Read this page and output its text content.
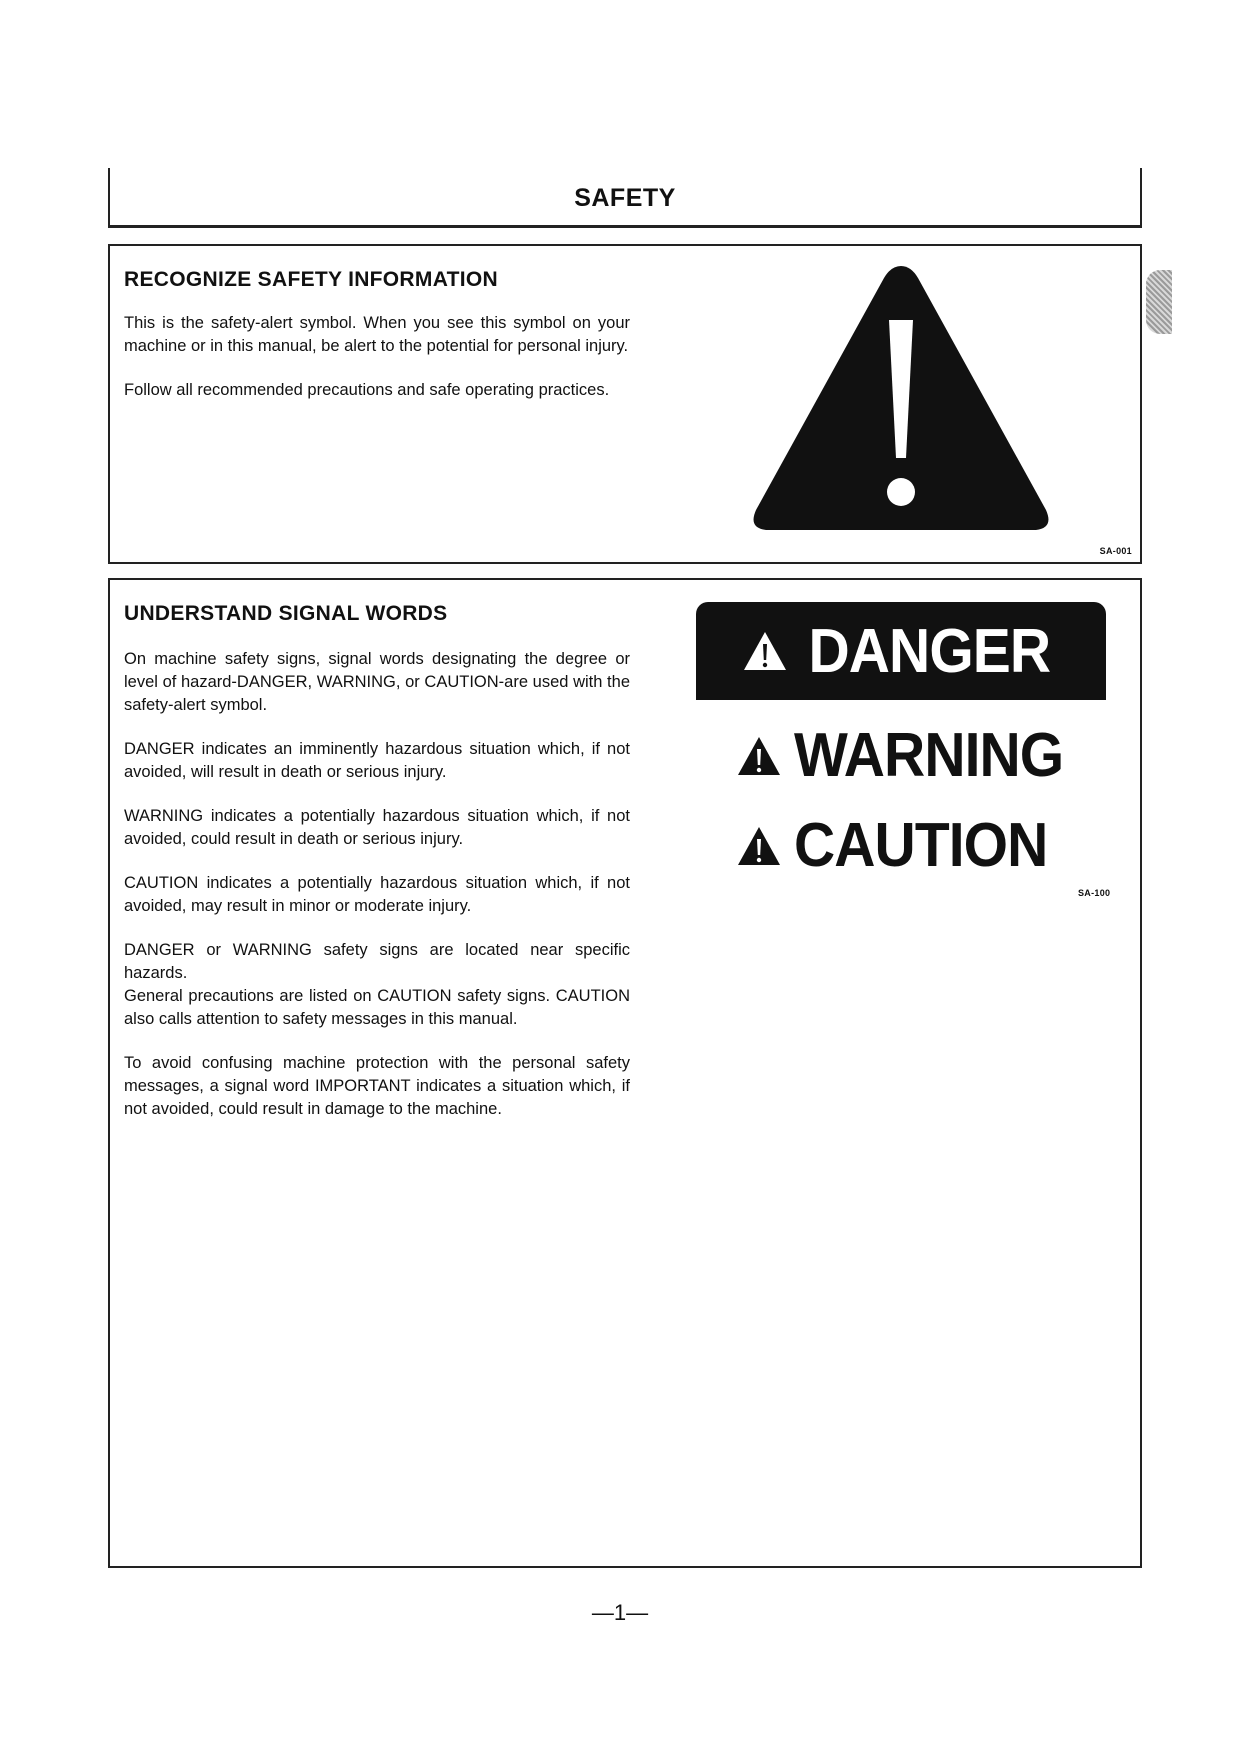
SAFETY
RECOGNIZE SAFETY INFORMATION

This is the safety-alert symbol. When you see this symbol on your machine or in this manual, be alert to the potential for personal injury.

Follow all recommended precautions and safe operating practices.

SA-001
UNDERSTAND SIGNAL WORDS

On machine safety signs, signal words designating the degree or level of hazard-DANGER, WARNING, or CAUTION-are used with the safety-alert symbol.

DANGER indicates an imminently hazardous situation which, if not avoided, will result in death or serious injury.

WARNING indicates a potentially hazardous situation which, if not avoided, could result in death or serious injury.

CAUTION indicates a potentially hazardous situation which, if not avoided, may result in minor or moderate injury.

DANGER or WARNING safety signs are located near specific hazards.

General precautions are listed on CAUTION safety signs. CAUTION also calls attention to safety messages in this manual.

To avoid confusing machine protection with the personal safety messages, a signal word IMPORTANT indicates a situation which, if not avoided, could result in damage to the machine.

DANGER
WARNING
CAUTION
SA-100
—1—
